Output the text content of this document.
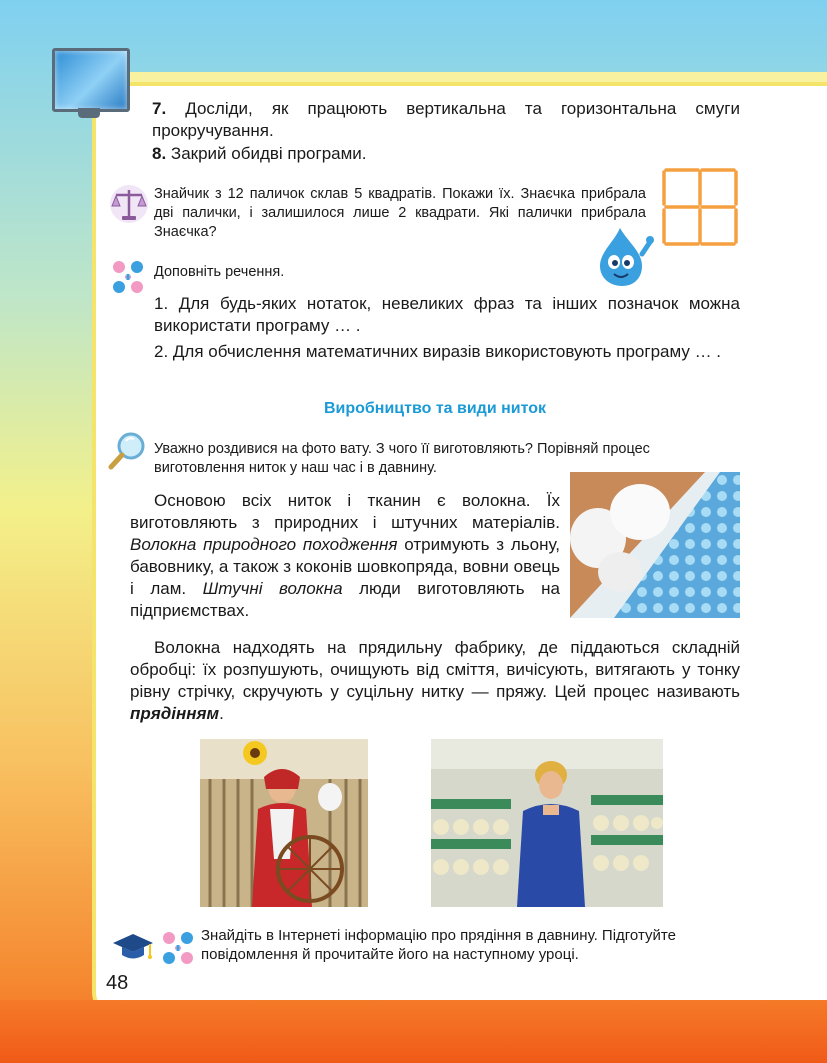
7. Досліди, як працюють вертикальна та горизонтальна смуги прокручування.
8. Закрий обидві програми.
Знайчик з 12 паличок склав 5 квадратів. Покажи їх. Знаєчка прибрала дві палички, і залишилося лише 2 квадрати. Які палички прибрала Знаєчка?
Доповніть речення.
1. Для будь-яких нотаток, невеликих фраз та інших позначок можна використати програму … .
2. Для обчислення математичних виразів використовують програму … .
Виробництво та види ниток
Уважно роздивися на фото вату. З чого її виготовляють? Порівняй процес виготовлення ниток у наш час і в давнину.
Основою всіх ниток і тканин є волокна. Їх виготовляють з природних і штучних матеріалів. Волокна природного походження отримують з льону, бавовнику, а також з коконів шовкопряда, вовни овець і лам. Штучні волокна люди виготовляють на підприємствах.
Волокна надходять на прядильну фабрику, де піддаються складній обробці: їх розпушують, очищують від сміття, вичісують, витягають у тонку рівну стрічку, скручують у суцільну нитку — пряжу. Цей процес називають прядінням.
Знайдіть в Інтернеті інформацію про прядіння в давнину. Підготуйте повідомлення й прочитайте його на наступному уроці.
48
